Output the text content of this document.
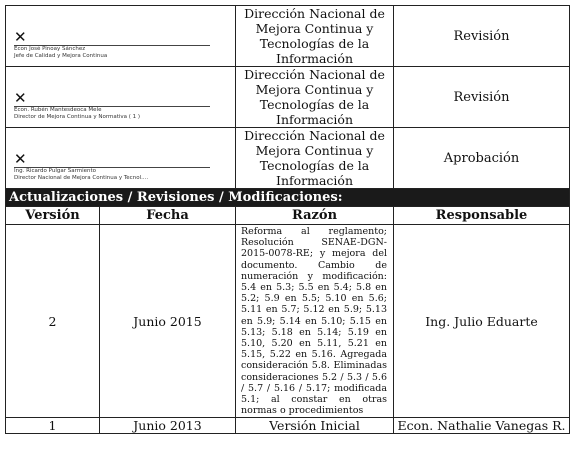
✕
Econ José Pinoay Sánchez
Jefe de Calidad y Mejora Continua	Dirección Nacional de Mejora Continua y Tecnologías de la Información	Revisión

✕
Econ. Rubén Mantesdeoca Mele
Director de Mejora Continua y Normativa ( 1 )	Dirección Nacional de Mejora Continua y Tecnologías de la Información	Revisión

✕
Ing. Ricardo Pulgar Sarmiento
Director Nacional de Mejora Continua y Tecnol....	Dirección Nacional de Mejora Continua y Tecnologías de la Información	Aprobación
Actualizaciones / Revisiones / Modificaciones:			
Versión	Fecha	Razón	Responsable
2	Junio 2015	Reforma al reglamento; Resolución SENAE-DGN-2015-0078-RE; y mejora del documento. Cambio de numeración y modificación: 5.4 en 5.3; 5.5 en 5.4; 5.8 en 5.2; 5.9 en 5.5; 5.10 en 5.6; 5.11 en 5.7; 5.12 en 5.9; 5.13 en 5.9; 5.14 en 5.10; 5.15 en 5.13; 5.18 en 5.14; 5.19 en 5.10, 5.20 en 5.11, 5.21 en 5.15, 5.22 en 5.16. Agregada consideración 5.8. Eliminadas consideraciones 5.2 / 5.3 / 5.6 / 5.7 / 5.16 / 5.17; modificada 5.1; al constar en otras normas o procedimientos	Ing. Julio Eduarte
1	Junio 2013	Versión Inicial	Econ. Nathalie Vanegas R.
